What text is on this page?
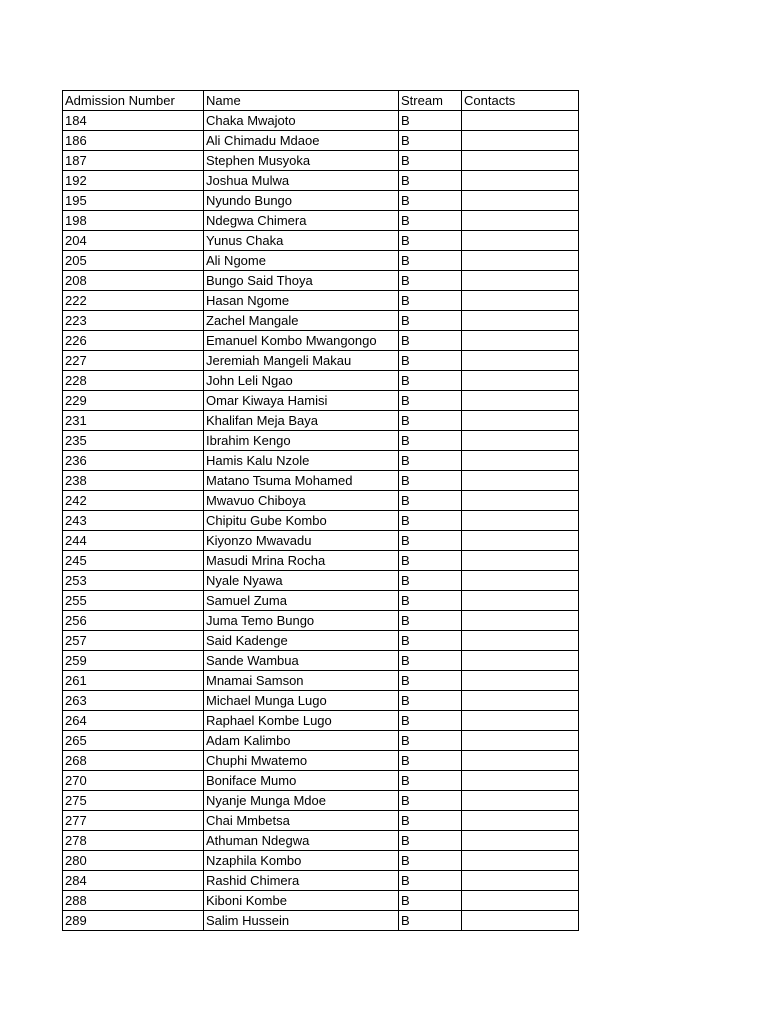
Admission Number	Name	Stream	Contacts
184	Chaka Mwajoto	B	
186	Ali Chimadu Mdaoe	B	
187	Stephen Musyoka	B	
192	Joshua Mulwa	B	
195	Nyundo Bungo	B	
198	Ndegwa Chimera	B	
204	Yunus Chaka	B	
205	Ali Ngome	B	
208	Bungo Said Thoya	B	
222	Hasan Ngome	B	
223	Zachel Mangale	B	
226	Emanuel Kombo Mwangongo	B	
227	Jeremiah Mangeli Makau	B	
228	John Leli Ngao	B	
229	Omar Kiwaya Hamisi	B	
231	Khalifan Meja Baya	B	
235	Ibrahim Kengo	B	
236	Hamis Kalu Nzole	B	
238	Matano Tsuma Mohamed	B	
242	Mwavuo Chiboya	B	
243	Chipitu Gube Kombo	B	
244	Kiyonzo Mwavadu	B	
245	Masudi Mrina Rocha	B	
253	Nyale Nyawa	B	
255	Samuel Zuma	B	
256	Juma Temo Bungo	B	
257	Said Kadenge	B	
259	Sande Wambua	B	
261	Mnamai Samson	B	
263	Michael Munga Lugo	B	
264	Raphael Kombe Lugo	B	
265	Adam Kalimbo	B	
268	Chuphi Mwatemo	B	
270	Boniface Mumo	B	
275	Nyanje Munga Mdoe	B	
277	Chai Mmbetsa	B	
278	Athuman Ndegwa	B	
280	Nzaphila Kombo	B	
284	Rashid Chimera	B	
288	Kiboni Kombe	B	
289	Salim Hussein	B	
